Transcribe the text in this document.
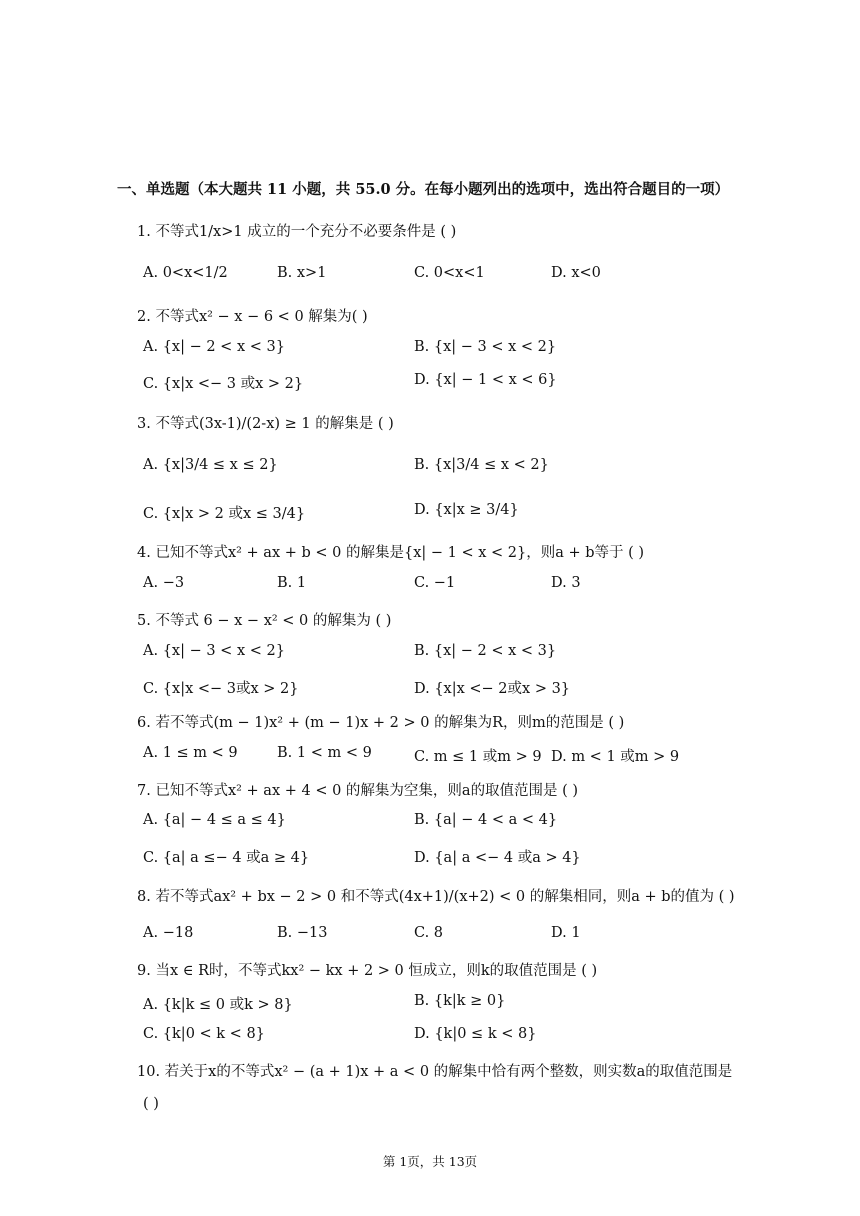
一、单选题（本大题共 11 小题，共 55.0 分。在每小题列出的选项中，选出符合题目的一项）
1. 不等式1/x>1 成立的一个充分不必要条件是 ( )
A. 0<x<1/2	B. x>1	C. 0<x<1	D. x<0
2. 不等式x² − x − 6 < 0 解集为( )
A. {x| − 2 < x < 3}	B. {x| − 3 < x < 2}
C. {x|x <− 3 或x > 2}	D. {x| − 1 < x < 6}
3. 不等式(3x-1)/(2-x) ≥ 1 的解集是 ( )
A. {x|3/4 ≤ x ≤ 2}	B. {x|3/4 ≤ x < 2}
C. {x|x > 2 或x ≤ 3/4}	D. {x|x ≥ 3/4}
4. 已知不等式x² + ax + b < 0 的解集是{x| − 1 < x < 2}，则a + b等于 ( )
A. −3	B. 1	C. −1	D. 3
5. 不等式 6 − x − x² < 0 的解集为 ( )
A. {x| − 3 < x < 2}	B. {x| − 2 < x < 3}
C. {x|x <− 3或x > 2}	D. {x|x <− 2或x > 3}
6. 若不等式(m − 1)x² + (m − 1)x + 2 > 0 的解集为R，则m的范围是 ( )
A. 1 ≤ m < 9	B. 1 < m < 9	C. m ≤ 1 或m > 9 D. m < 1 或m > 9
7. 已知不等式x² + ax + 4 < 0 的解集为空集，则a的取值范围是 ( )
A. {a| − 4 ≤ a ≤ 4}	B. {a| − 4 < a < 4}
C. {a| a ≤− 4 或a ≥ 4}	D. {a| a <− 4 或a > 4}
8. 若不等式ax² + bx − 2 > 0 和不等式(4x+1)/(x+2) < 0 的解集相同，则a + b的值为 ( )
A. −18	B. −13	C. 8	D. 1
9. 当x ∈ R时，不等式kx² − kx + 2 > 0 恒成立，则k的取值范围是 ( )
A. {k|k ≤ 0 或k > 8}	B. {k|k ≥ 0}
C. {k|0 < k < 8}	D. {k|0 ≤ k < 8}
10. 若关于x的不等式x² − (a + 1)x + a < 0 的解集中恰有两个整数，则实数a的取值范围是
( )
第 1页，共 13页
